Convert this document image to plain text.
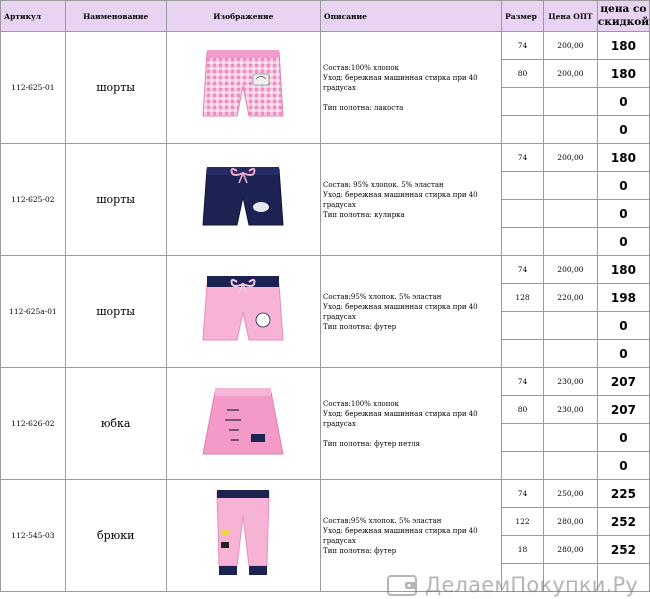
Артикул	Наименование	Изображение	Описание	Размер	Цена ОПТ	цена со
скидкой
112-625-01	шорты		Состав:100% хлопок
Уход: бережная машинная стирка при 40
градусах
Тип полотна: лакоста	74	200,00	180
				80	200,00	180
						0
						0
112-625-02	шорты		Состав: 95% хлопок. 5% эластан
Уход: бережная машинная стирка при 40
градусах
Тип полотна: кулирка	74	200,00	180
						0
						0
						0
112-625а-01	шорты		Состав:95% хлопок. 5% эластан
Уход: бережная машинная стирка при 40
градусах
Тип полотна: футер	74	200,00	180
				128	220,00	198
						0
						0
112-626-02	юбка		Состав:100% хлопок
Уход: бережная машинная стирка при 40
градусах
Тип полотна: футер петля	74	230,00	207
				80	230,00	207
						0
						0
112-545-03	брюки		Состав:95% хлопок. 5% эластан
Уход: бережная машинная стирка при 40
градусах
Тип полотна: футер	74	250,00	225
				122	280,00	252
				18	280,00	252

ДелаемПокупки.Ру
